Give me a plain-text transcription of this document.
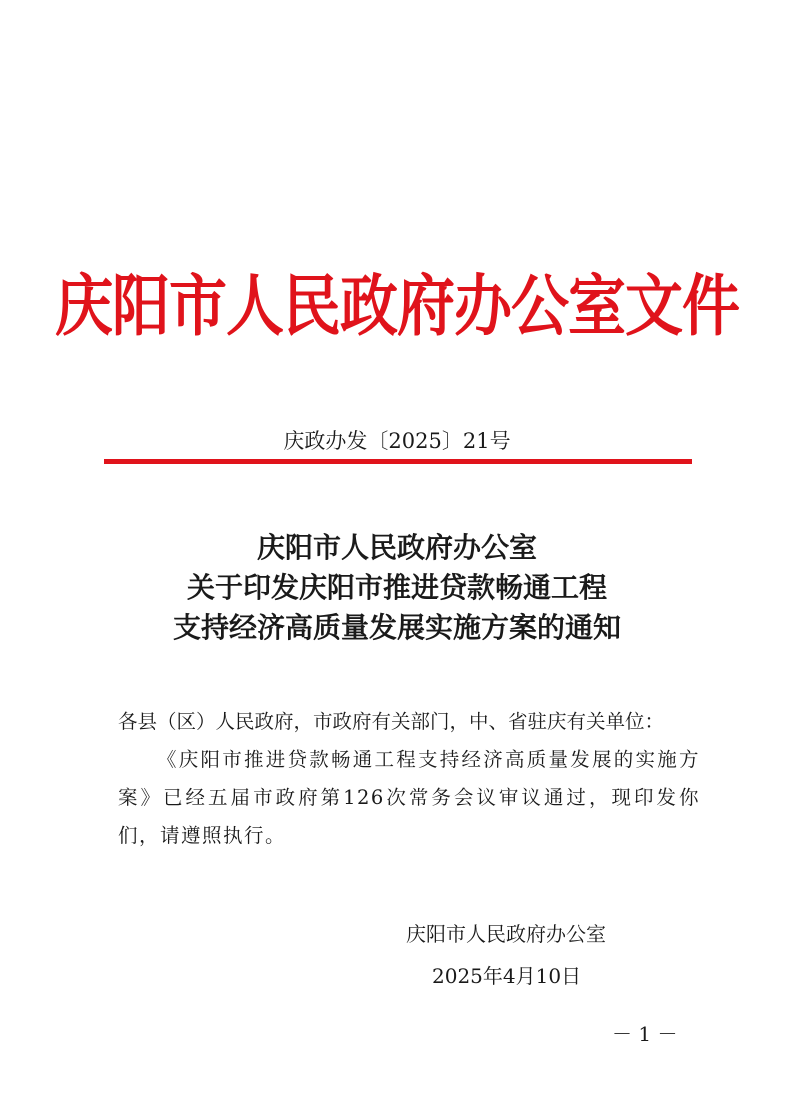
庆阳市人民政府办公室文件
庆政办发〔2025〕21号
庆阳市人民政府办公室
关于印发庆阳市推进贷款畅通工程
支持经济高质量发展实施方案的通知
各县（区）人民政府，市政府有关部门，中、省驻庆有关单位：
《庆阳市推进贷款畅通工程支持经济高质量发展的实施方案》已经五届市政府第126次常务会议审议通过，现印发你们，请遵照执行。
庆阳市人民政府办公室
2025年4月10日
－ 1 －
